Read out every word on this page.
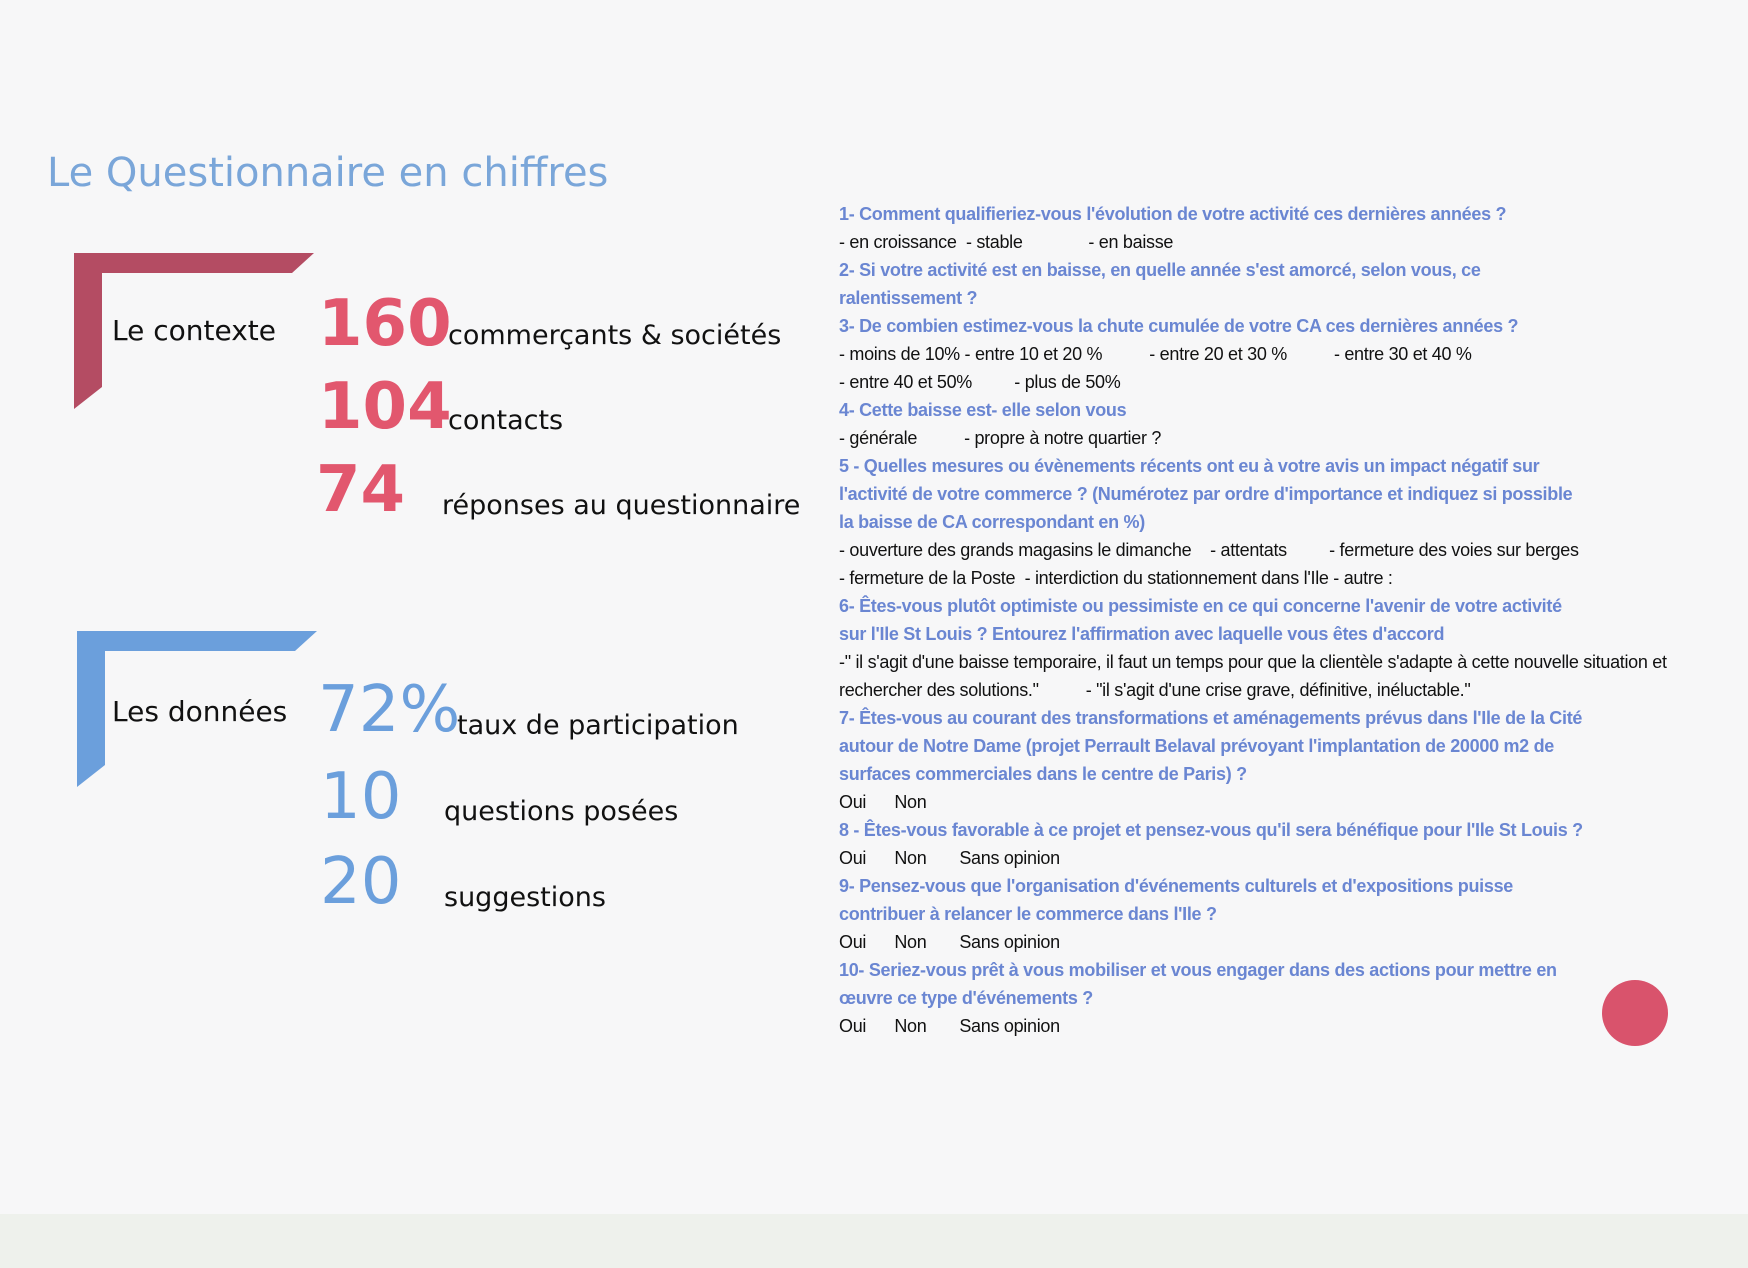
Le Questionnaire en chiffres
Le contexte 160
commerçants & sociétés
104
contacts
74 réponses au questionnaire
Les données 72%
taux de participation
10 questions posées
20 suggestions
1- Comment qualifieriez-vous l'évolution de votre activité ces dernières années ?
- en croissance  - stable              - en baisse
2- Si votre activité est en baisse, en quelle année s'est amorcé, selon vous, ce ralentissement ?
3- De combien estimez-vous la chute cumulée de votre CA ces dernières années ?
- moins de 10% - entre 10 et 20 %          - entre 20 et 30 %          - entre 30 et 40 %
- entre 40 et 50%         - plus de 50%
4- Cette baisse est- elle selon vous
- générale          - propre à notre quartier ?
5 - Quelles mesures ou évènements récents ont eu à votre avis un impact négatif sur l'activité de votre commerce ? (Numérotez par ordre d'importance et indiquez si possible la baisse de CA correspondant en %)
- ouverture des grands magasins le dimanche    - attentats         - fermeture des voies sur berges
- fermeture de la Poste  - interdiction du stationnement dans l'Ile - autre :
6- Êtes-vous plutôt optimiste ou pessimiste en ce qui concerne l'avenir de votre activité sur l'Ile St Louis ? Entourez l'affirmation avec laquelle vous êtes d'accord
-" il s'agit d'une baisse temporaire, il faut un temps pour que la clientèle s'adapte à cette nouvelle situation et
rechercher des solutions."          - "il s'agit d'une crise grave, définitive, inéluctable."
7- Êtes-vous au courant des transformations et aménagements prévus dans l'Ile de la Cité autour de Notre Dame (projet Perrault Belaval prévoyant l'implantation de 20000 m2 de surfaces commerciales dans le centre de Paris) ?
Oui      Non
8 - Êtes-vous favorable à ce projet et pensez-vous qu'il sera bénéfique pour l'Ile St Louis ?
Oui      Non       Sans opinion
9- Pensez-vous que l'organisation d'événements culturels et d'expositions puisse contribuer à relancer le commerce dans l'Ile ?
Oui      Non       Sans opinion
10- Seriez-vous prêt à vous mobiliser et vous engager dans des actions pour mettre en œuvre ce type d'événements ?
Oui      Non       Sans opinion
